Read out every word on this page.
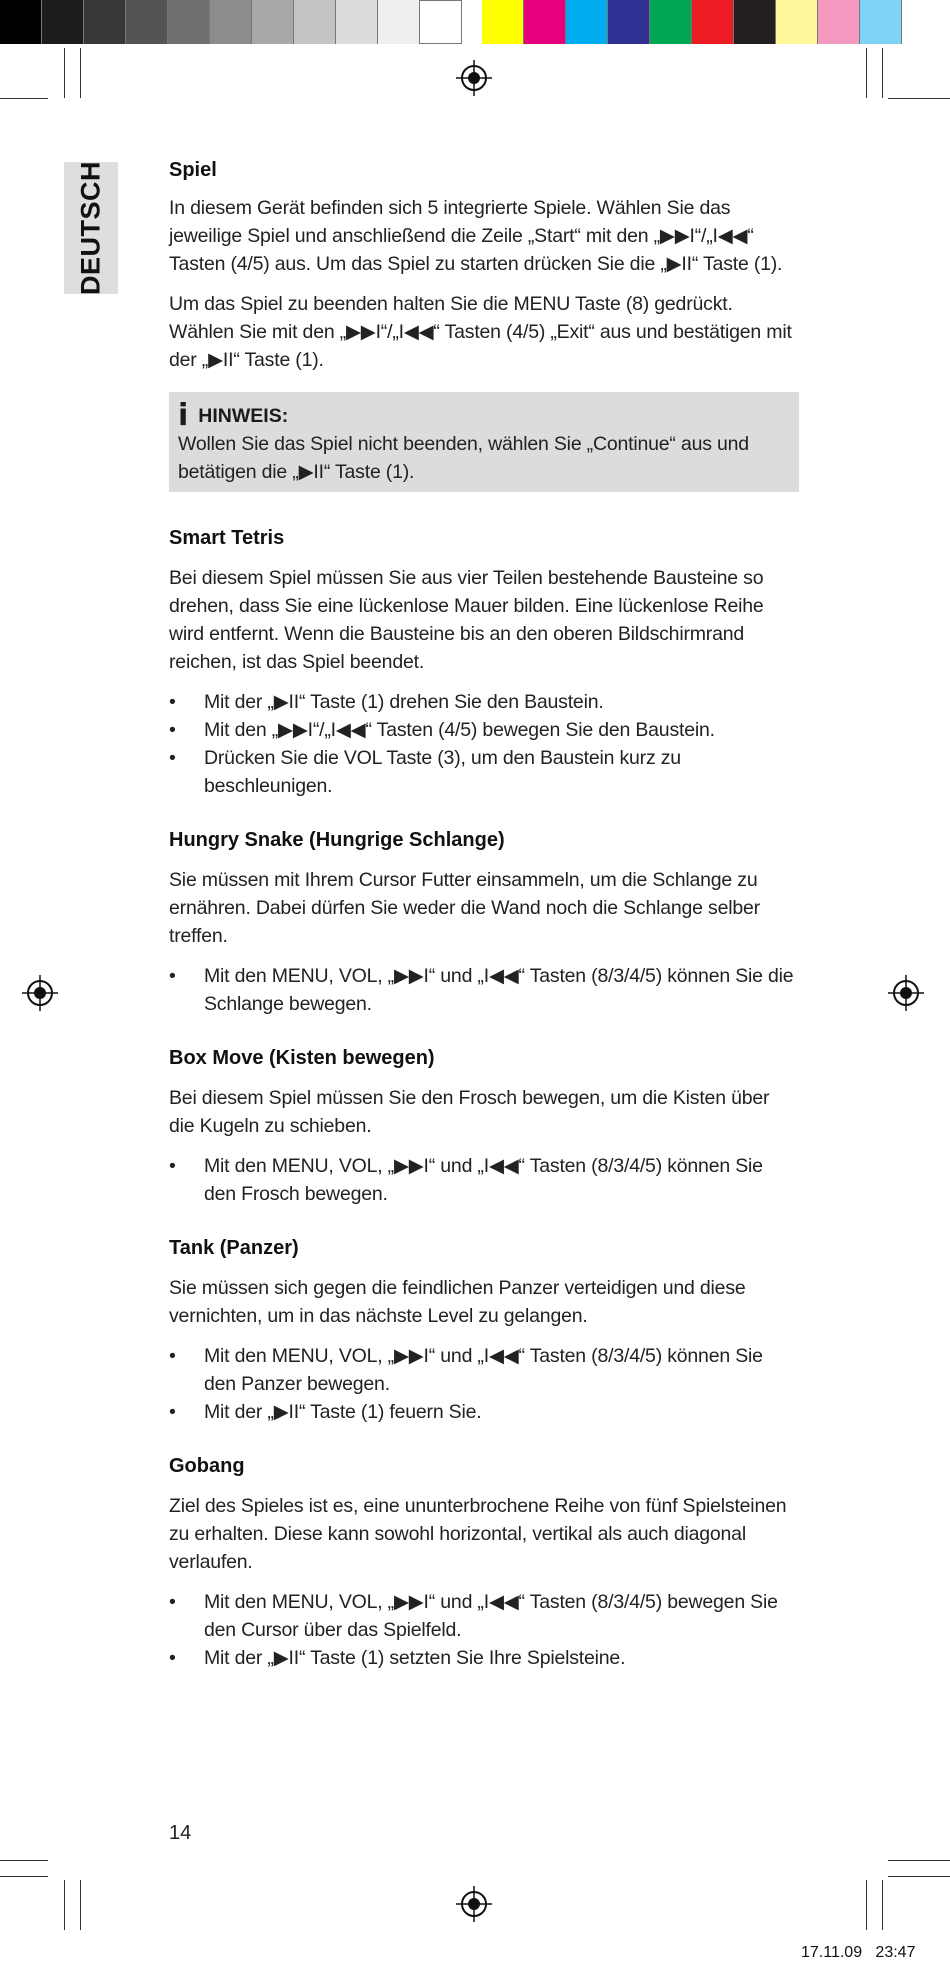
DEUTSCH	Spiel

In diesem Gerät befinden sich 5 integrierte Spiele. Wählen Sie das jeweilige Spiel und anschließend die Zeile „Start“ mit den „▶▶I“/„I◀◀“ Tasten (4/5) aus. Um das Spiel zu starten drücken Sie die „▶II“ Taste (1).

Um das Spiel zu beenden halten Sie die MENU Taste (8) gedrückt. Wählen Sie mit den „▶▶I“/„I◀◀“ Tasten (4/5) „Exit“ aus und bestätigen mit der „▶II“ Taste (1).

i HINWEIS:

Wollen Sie das Spiel nicht beenden, wählen Sie „Continue“ aus und betätigen die „▶II“ Taste (1).

Smart Tetris

Bei diesem Spiel müssen Sie aus vier Teilen bestehende Bausteine so drehen, dass Sie eine lückenlose Mauer bilden. Eine lückenlose Reihe wird entfernt. Wenn die Bausteine bis an den oberen Bildschirmrand reichen, ist das Spiel beendet.

• Mit der „▶II“ Taste (1) drehen Sie den Baustein.
• Mit den „▶▶I“/„I◀◀“ Tasten (4/5) bewegen Sie den Baustein.
• Drücken Sie die VOL Taste (3), um den Baustein kurz zu beschleunigen.
Hungry Snake (Hungrige Schlange)

Sie müssen mit Ihrem Cursor Futter einsammeln, um die Schlange zu ernähren. Dabei dürfen Sie weder die Wand noch die Schlange selber treffen.

• Mit den MENU, VOL, „▶▶I“ und „I◀◀“ Tasten (8/3/4/5) können Sie die Schlange bewegen.
Box Move (Kisten bewegen)

Bei diesem Spiel müssen Sie den Frosch bewegen, um die Kisten über die Kugeln zu schieben.

• Mit den MENU, VOL, „▶▶I“ und „I◀◀“ Tasten (8/3/4/5) können Sie den Frosch bewegen.
Tank (Panzer)

Sie müssen sich gegen die feindlichen Panzer verteidigen und diese vernichten, um in das nächste Level zu gelangen.

• Mit den MENU, VOL, „▶▶I“ und „I◀◀“ Tasten (8/3/4/5) können Sie den Panzer bewegen.
• Mit der „▶II“ Taste (1) feuern Sie.
Gobang

Ziel des Spieles ist es, eine ununterbrochene Reihe von fünf Spielsteinen zu erhalten. Diese kann sowohl horizontal, vertikal als auch diagonal verlaufen.

• Mit den MENU, VOL, „▶▶I“ und „I◀◀“ Tasten (8/3/4/5) bewegen Sie den Cursor über das Spielfeld.
• Mit der „▶II“ Taste (1) setzten Sie Ihre Spielsteine.
14
17.11.09   23:47
